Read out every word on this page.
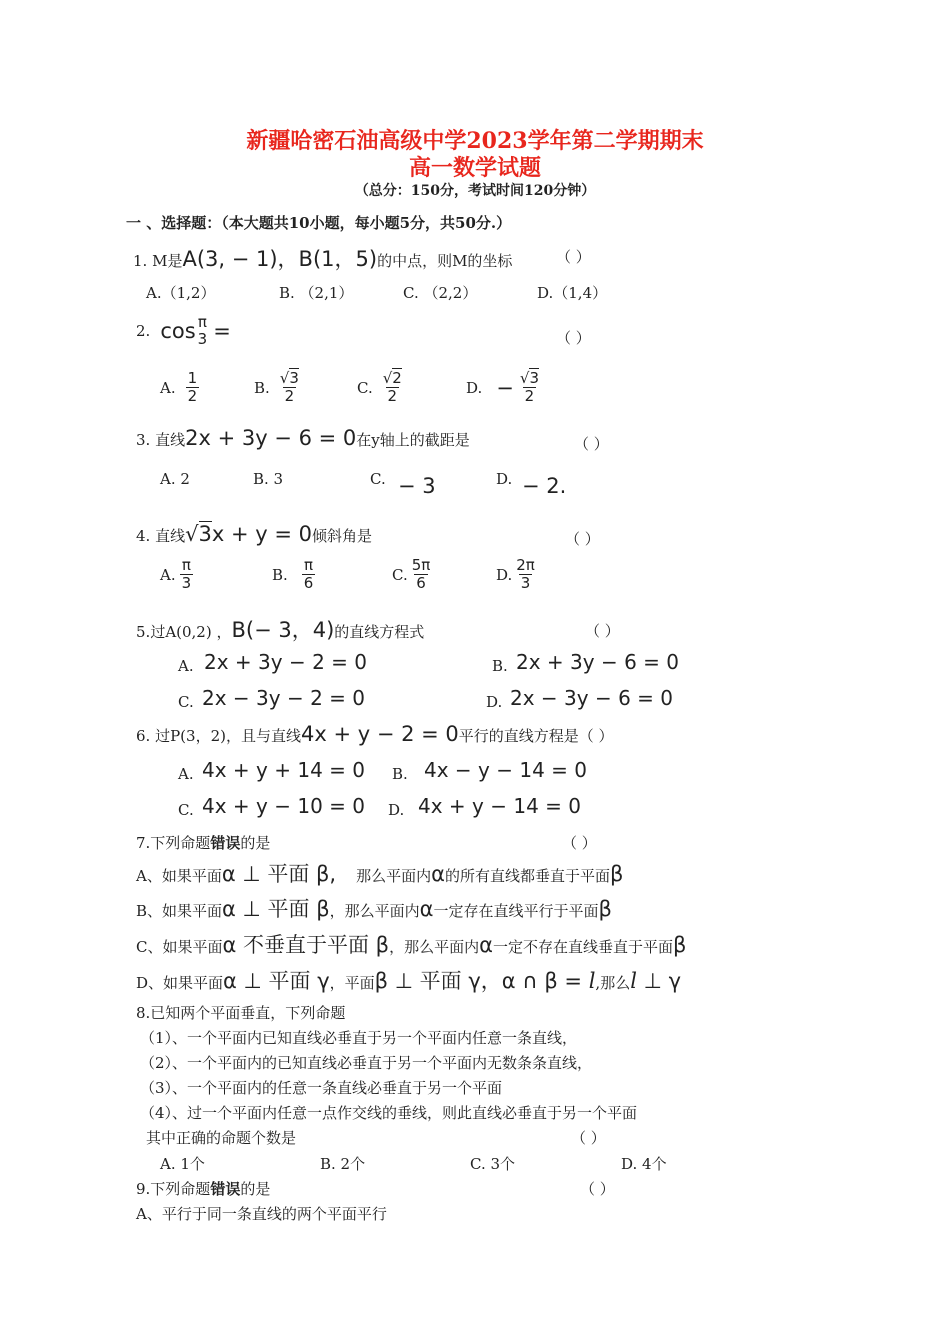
新疆哈密石油高级中学2023学年第二学期期末
高一数学试题
（总分：150分，考试时间120分钟）
一 、选择题：（本大题共10小题，每小题5分，共50分.）
1. M是A(3, − 1)，B(1，5)的中点，则M的坐标	（ ）
A.（1,2）	B. （2,1）	C. （2,2）	D.（1,4）
2. cos π
3 =	（ ）
A. $\frac{1}{2}$	B. $\frac{√3}{2}$	C. $\frac{√2}{2}$	D. − $\frac{√3}{2}$
3. 直线2x + 3y − 6 = 0在y轴上的截距是	（ ）
A. 2	B. 3	C. − 3	D. − 2.
4. 直线√3x + y = 0倾斜角是	（ ）
A. $\frac{\pi}{3}$	B. $\frac{\pi}{6}$	C. $\frac{5\pi}{6}$	D. $\frac{2\pi}{3}$
5.过A(0,2) ，B(− 3，4)的直线方程式	（ ）
A. 2x + 3y − 2 = 0	B. 2x + 3y − 6 = 0
C. 2x − 3y − 2 = 0	D. 2x − 3y − 6 = 0
6. 过P(3，2)，且与直线4x + y − 2 = 0平行的直线方程是（ ）
A. 4x + y + 14 = 0 B. 4x − y − 14 = 0
C. 4x + y − 10 = 0 D. 4x + y − 14 = 0
7.下列命题错误的是	（ ）
A、如果平面α ⊥ 平面 β, 那么平面内α的所有直线都垂直于平面β
B、如果平面α ⊥ 平面 β，那么平面内α一定存在直线平行于平面β
C、如果平面α 不垂直于平面 β，那么平面内α一定不存在直线垂直于平面β
D、如果平面α ⊥ 平面 γ，平面β ⊥ 平面 γ，α ∩ β = l,那么l ⊥ γ
8.已知两个平面垂直，下列命题
（1）、一个平面内已知直线必垂直于另一个平面内任意一条直线，
（2）、一个平面内的已知直线必垂直于另一个平面内无数条条直线，
（3）、一个平面内的任意一条直线必垂直于另一个平面
（4）、过一个平面内任意一点作交线的垂线，则此直线必垂直于另一个平面
其中正确的命题个数是	（ ）
A. 1个	B. 2个	C. 3个	D. 4个
9.下列命题错误的是	（ ）
A、平行于同一条直线的两个平面平行
